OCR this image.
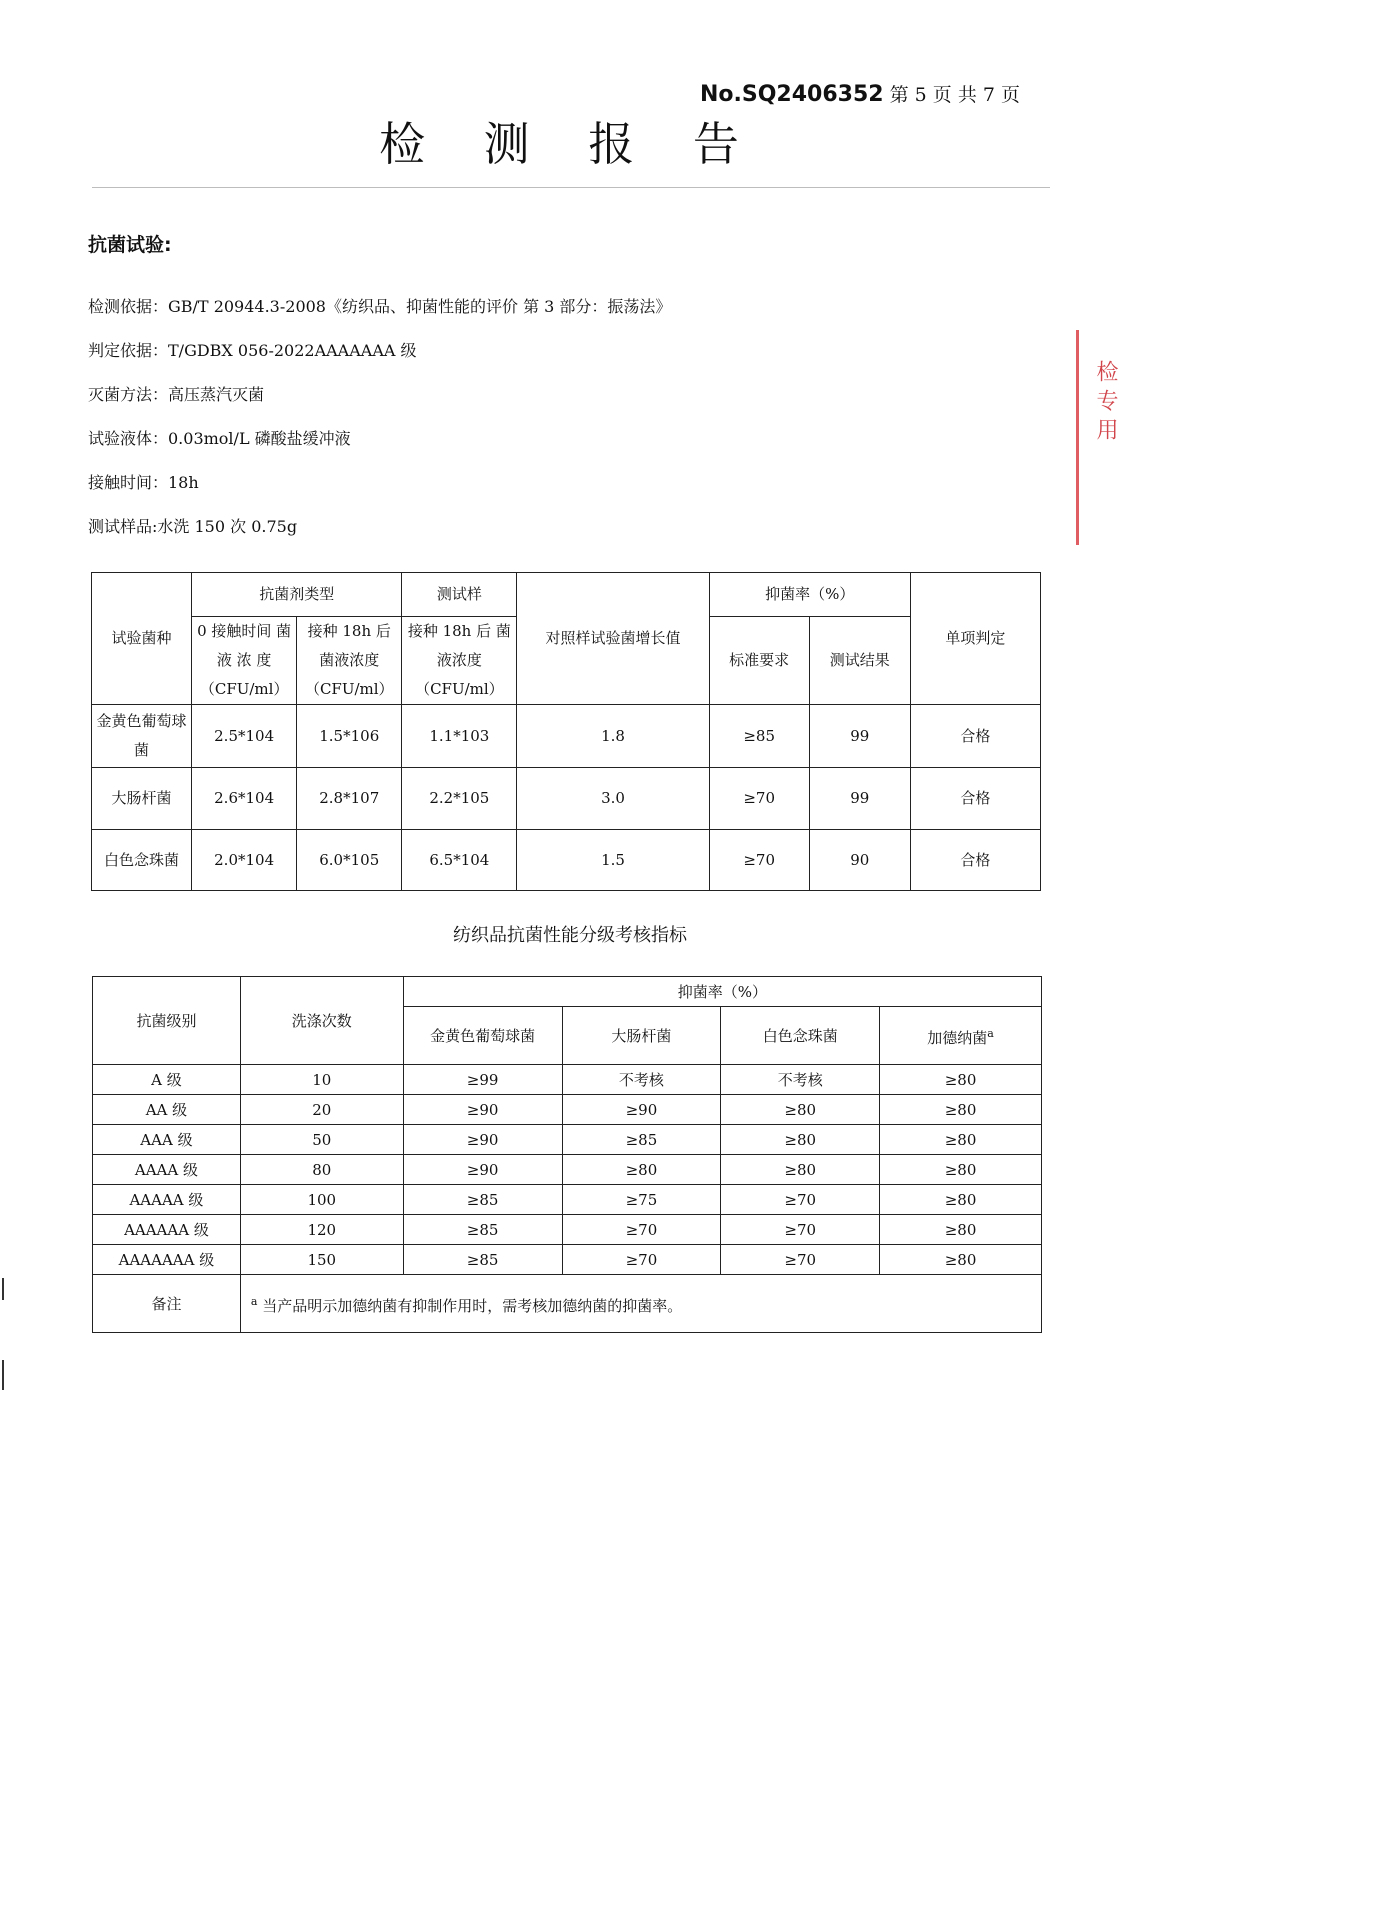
No.SQ2406352 第 5 页 共 7 页
检 测 报 告
抗菌试验:
检测依据：GB/T 20944.3-2008《纺织品、抑菌性能的评价 第 3 部分：振荡法》
判定依据：T/GDBX 056-2022AAAAAAA 级
灭菌方法：高压蒸汽灭菌
试验液体：0.03mol/L 磷酸盐缓冲液
接触时间：18h
测试样品:水洗 150 次 0.75g
检 专 用
试验菌种	抗菌剂类型		测试样	对照样试验菌增长值	抑菌率（%）		单项判定
	0 接触时间 菌 液 浓 度 （CFU/ml）	接种 18h 后 菌液浓度 （CFU/ml）	接种 18h 后 菌液浓度 （CFU/ml）		标准要求	测试结果	
金黄色葡萄球菌	2.5*104	1.5*106	1.1*103	1.8	≥85	99	合格
大肠杆菌	2.6*104	2.8*107	2.2*105	3.0	≥70	99	合格
白色念珠菌	2.0*104	6.0*105	6.5*104	1.5	≥70	90	合格
纺织品抗菌性能分级考核指标
抗菌级别	洗涤次数	抑菌率（%）			
		金黄色葡萄球菌	大肠杆菌	白色念珠菌	加德纳菌$^a$
A 级	10	≥99	不考核	不考核	≥80
AA 级	20	≥90	≥90	≥80	≥80
AAA 级	50	≥90	≥85	≥80	≥80
AAAA 级	80	≥90	≥80	≥80	≥80
AAAAA 级	100	≥85	≥75	≥70	≥80
AAAAAA 级	120	≥85	≥70	≥70	≥80
AAAAAAA 级	150	≥85	≥70	≥70	≥80
备注	$^a$ 当产品明示加德纳菌有抑制作用时，需考核加德纳菌的抑菌率。				
